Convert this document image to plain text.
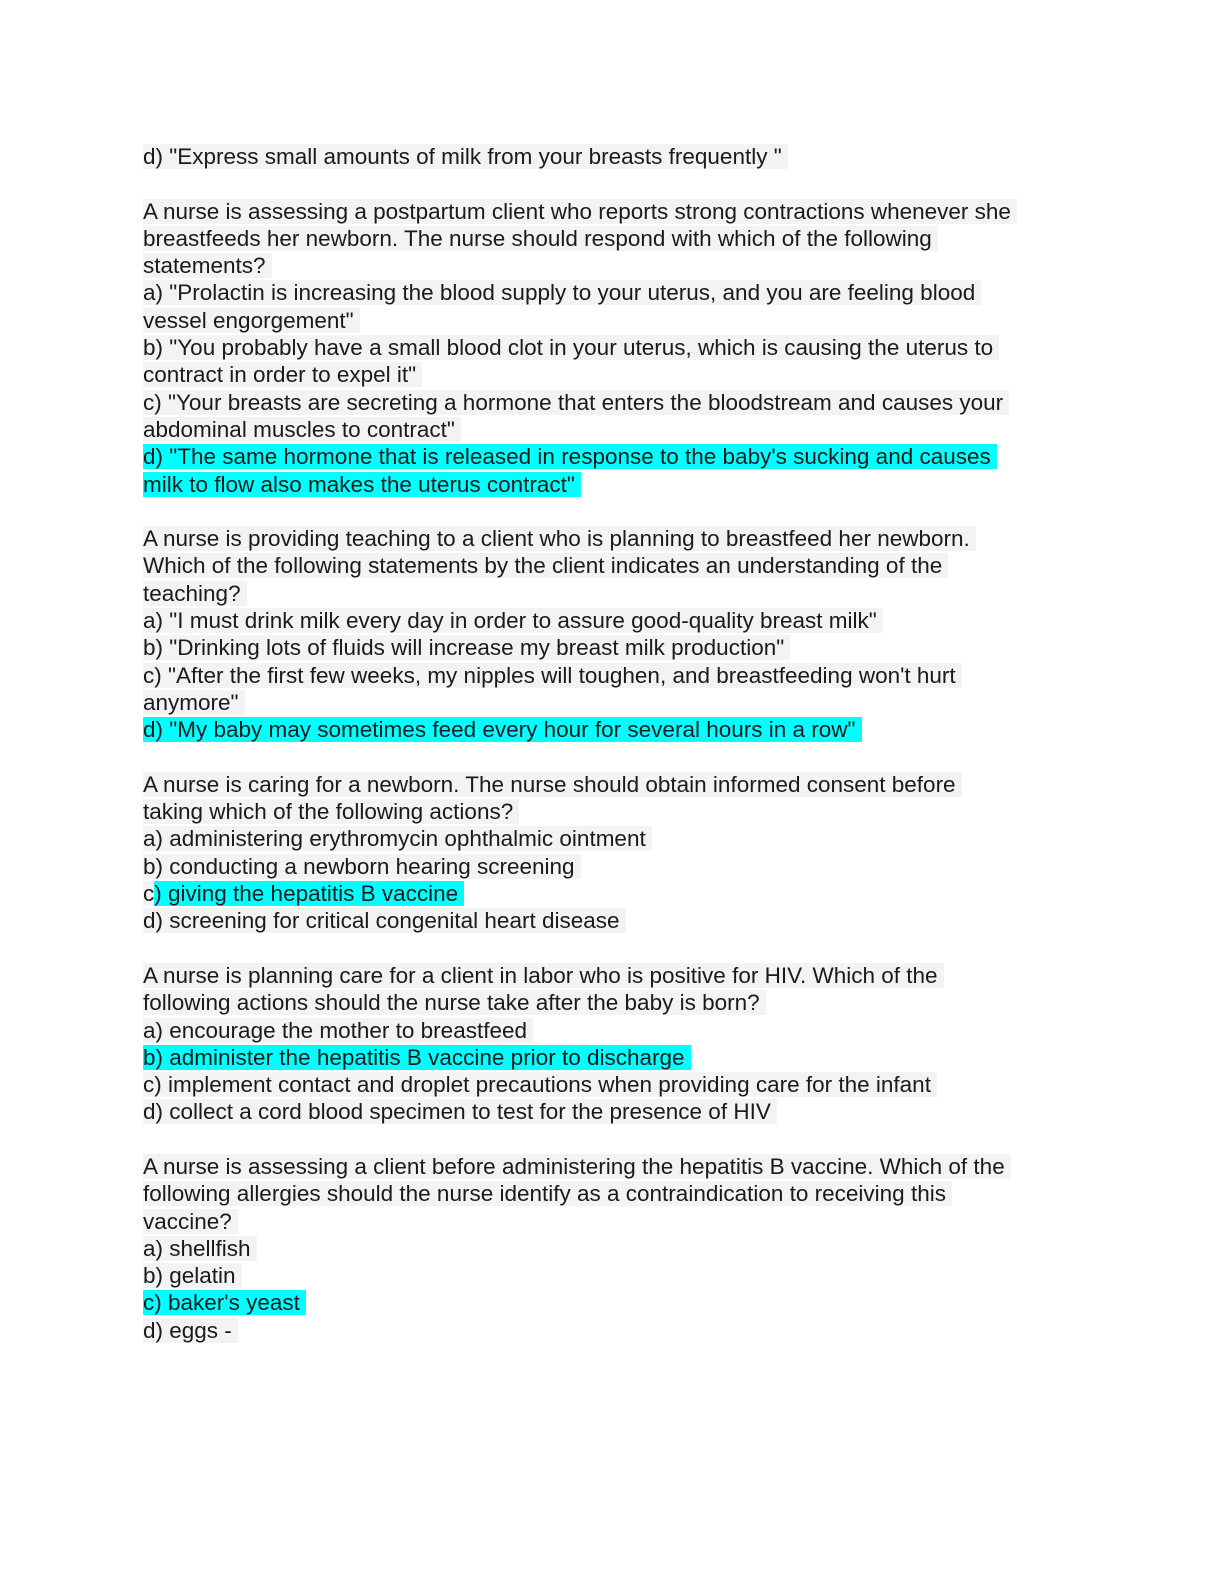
d) "Express small amounts of milk from your breasts frequently "
A nurse is assessing a postpartum client who reports strong contractions whenever she
breastfeeds her newborn. The nurse should respond with which of the following
statements?
a) "Prolactin is increasing the blood supply to your uterus, and you are feeling blood
vessel engorgement"
b) "You probably have a small blood clot in your uterus, which is causing the uterus to
contract in order to expel it"
c) "Your breasts are secreting a hormone that enters the bloodstream and causes your
abdominal muscles to contract"
d) "The same hormone that is released in response to the baby's sucking and causes
milk to flow also makes the uterus contract"
A nurse is providing teaching to a client who is planning to breastfeed her newborn.
Which of the following statements by the client indicates an understanding of the
teaching?
a) "I must drink milk every day in order to assure good-quality breast milk"
b) "Drinking lots of fluids will increase my breast milk production"
c) "After the first few weeks, my nipples will toughen, and breastfeeding won't hurt
anymore"
d) "My baby may sometimes feed every hour for several hours in a row"
A nurse is caring for a newborn. The nurse should obtain informed consent before
taking which of the following actions?
a) administering erythromycin ophthalmic ointment
b) conducting a newborn hearing screening
c) giving the hepatitis B vaccine
d) screening for critical congenital heart disease
A nurse is planning care for a client in labor who is positive for HIV. Which of the
following actions should the nurse take after the baby is born?
a) encourage the mother to breastfeed
b) administer the hepatitis B vaccine prior to discharge
c) implement contact and droplet precautions when providing care for the infant
d) collect a cord blood specimen to test for the presence of HIV
A nurse is assessing a client before administering the hepatitis B vaccine. Which of the
following allergies should the nurse identify as a contraindication to receiving this
vaccine?
a) shellfish
b) gelatin
c) baker's yeast
d) eggs -
